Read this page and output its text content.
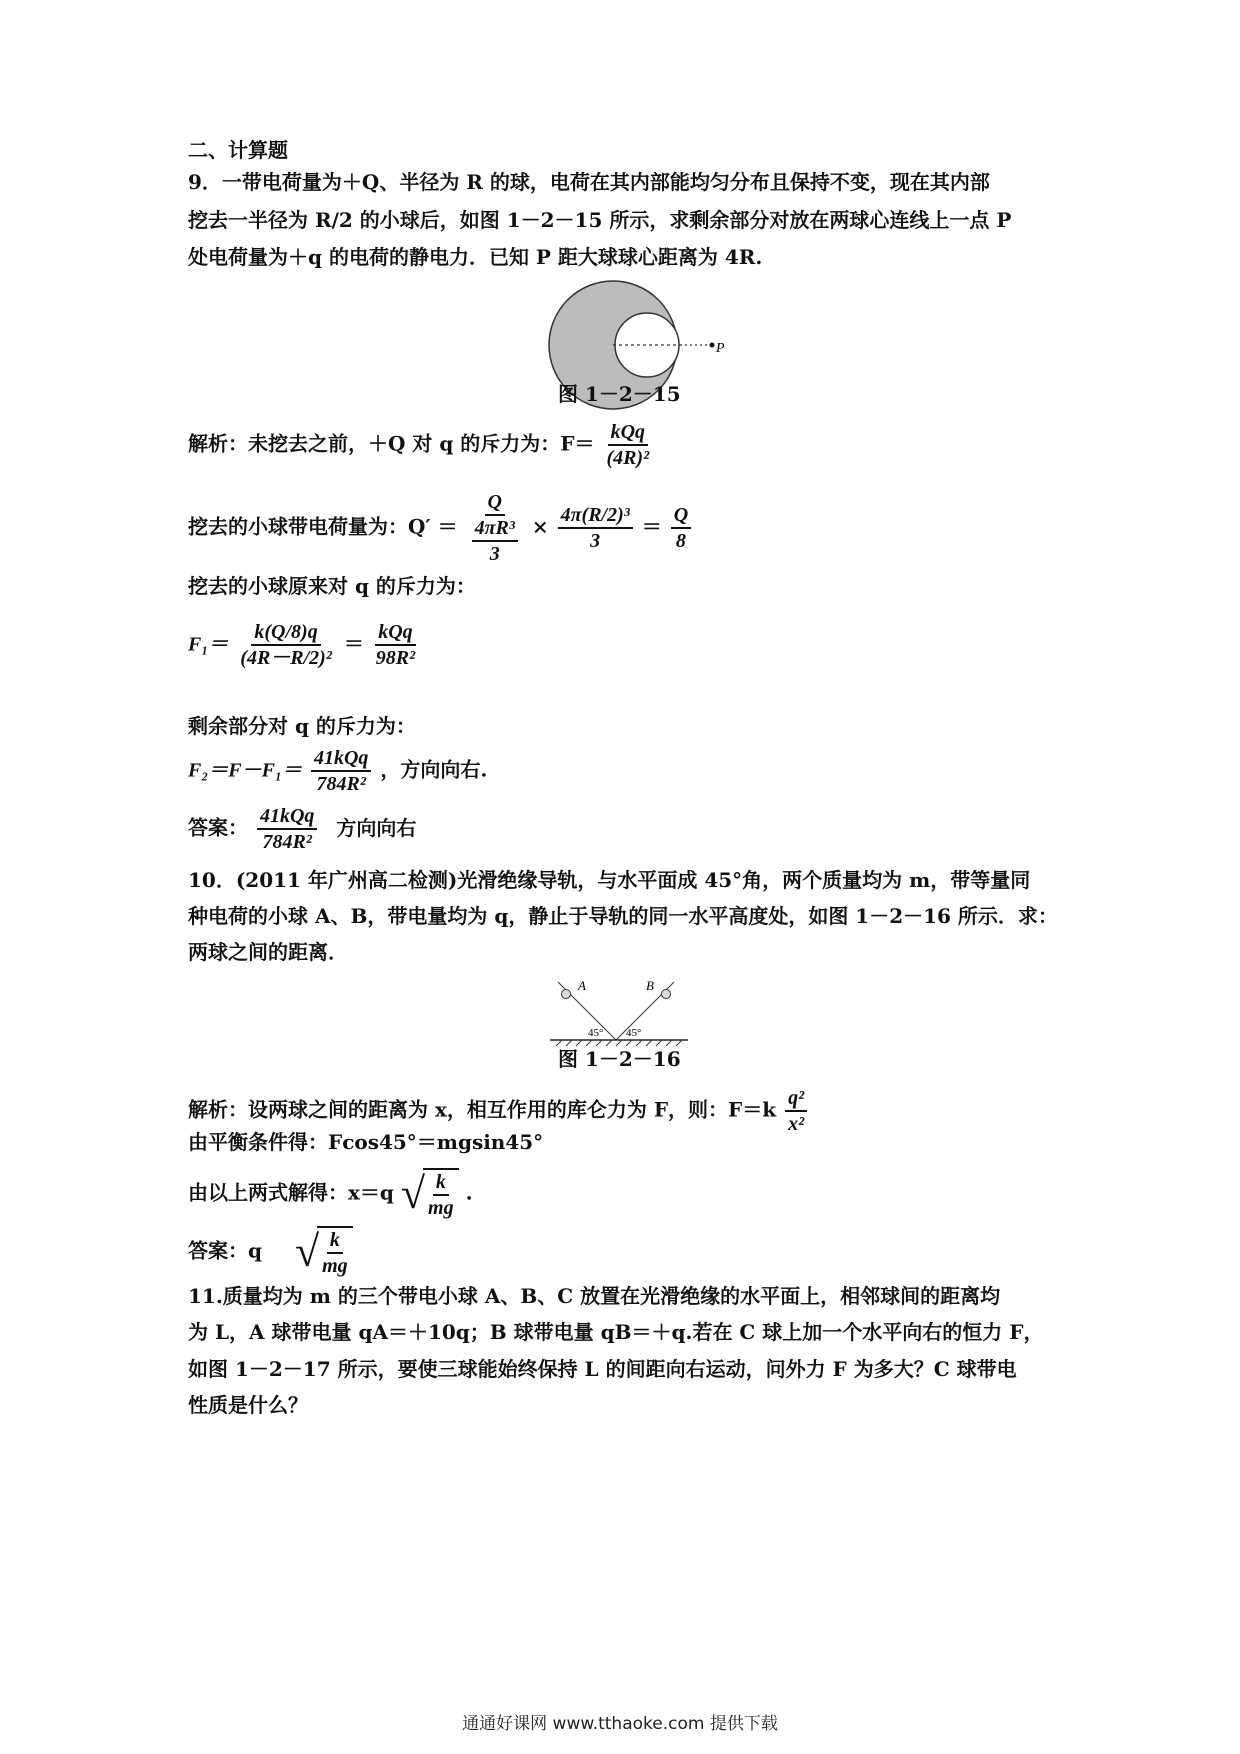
二、计算题
9．一带电荷量为＋Q、半径为 R 的球，电荷在其内部能均匀分布且保持不变，现在其内部
挖去一半径为 R/2 的小球后，如图 1－2－15 所示，求剩余部分对放在两球心连线上一点 P
处电荷量为＋q 的电荷的静电力．已知 P 距大球球心距离为 4R.
P
图 1－2－15
解析：未挖去之前，＋Q 对 q 的斥力为：$F= \frac{\text{kQq}}{\text{(4R)²}}$
挖去的小球带电荷量为：$Q' = \frac{Q}{\frac{\text{4πR³}}{3}} \times \frac{\text{4π(R/2)³}}{3} = \frac{Q}{8}$
挖去的小球原来对 q 的斥力为：
$F_1= \frac{k(Q/8)q}{\text{(4R－R/2)²}} = \frac{\text{kQq}}{\text{98R²}}$
剩余部分对 q 的斥力为：
$F_2=F-F_1= \frac{\text{41kQq}}{\text{784R²}}$ ，方向向右.
答案： $\frac{\text{41kQq}}{\text{784R²}}$ 方向向右
10．(2011 年广州高二检测)光滑绝缘导轨，与水平面成 45°角，两个质量均为 m，带等量同
种电荷的小球 A、B，带电量均为 q，静止于导轨的同一水平高度处，如图 1－2－16 所示．求：
两球之间的距离．
A	B
45° 45°
图 1－2－16
解析：设两球之间的距离为 x，相互作用的库仑力为 F，则：$F=k \frac{\text{q²}}{\text{x²}}$
由平衡条件得：Fcos45°＝mgsin45°
由以上两式解得：x＝q √ $\frac{k}{mg}$ .
答案：q √ $\frac{k}{mg}$
11.质量均为 m 的三个带电小球 A、B、C 放置在光滑绝缘的水平面上，相邻球间的距离均
为 L，A 球带电量 qA＝＋10q；B 球带电量 qB＝＋q.若在 C 球上加一个水平向右的恒力 F，
如图 1－2－17 所示，要使三球能始终保持 L 的间距向右运动，问外力 F 为多大？C 球带电
性质是什么？
通通好课网 www.tthaoke.com 提供下载
